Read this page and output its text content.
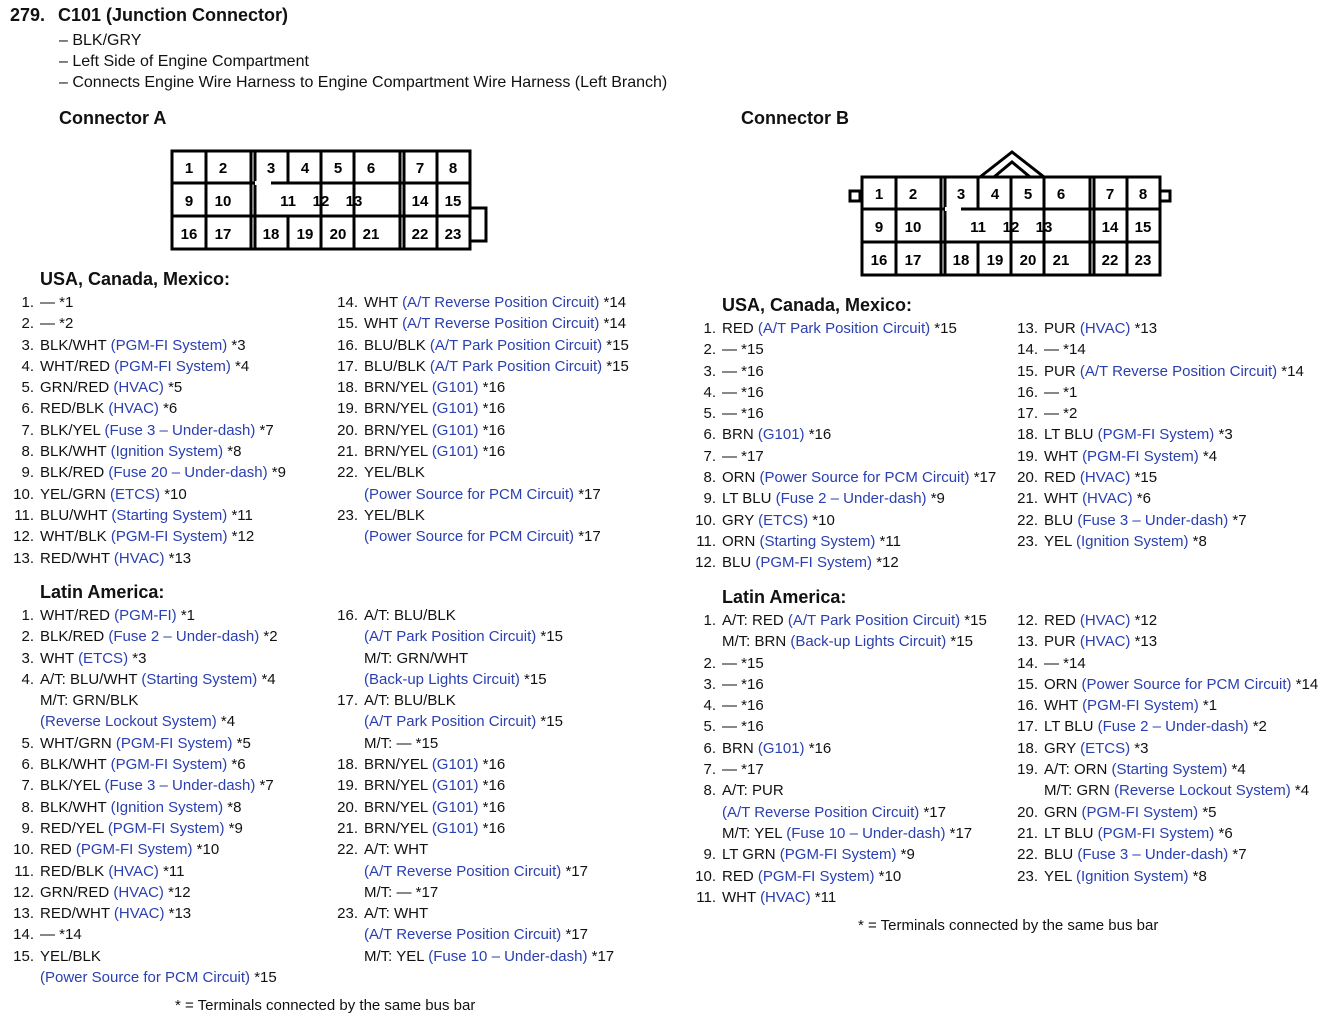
279. C101 (Junction Connector)
– BLK/GRY
– Left Side of Engine Compartment
– Connects Engine Wire Harness to Engine Compartment Wire Harness (Left Branch)
Connector A
1 2	3 4 5 6	7 8
9 10	11 12 13	14 15
16 17 18 19 20 21 22 23
USA, Canada, Mexico:
1. — *1
2. — *2
3. BLK/WHT (PGM-FI System) *3
4. WHT/RED (PGM-FI System) *4
5. GRN/RED (HVAC) *5
6. RED/BLK (HVAC) *6
7. BLK/YEL (Fuse 3 – Under-dash) *7
8. BLK/WHT (Ignition System) *8
9. BLK/RED (Fuse 20 – Under-dash) *9
10. YEL/GRN (ETCS) *10
11. BLU/WHT (Starting System) *11
12. WHT/BLK (PGM-FI System) *12
13. RED/WHT (HVAC) *13
14. WHT (A/T Reverse Position Circuit) *14
15. WHT (A/T Reverse Position Circuit) *14
16. BLU/BLK (A/T Park Position Circuit) *15
17. BLU/BLK (A/T Park Position Circuit) *15
18. BRN/YEL (G101) *16
19. BRN/YEL (G101) *16
20. BRN/YEL (G101) *16
21. BRN/YEL (G101) *16
22. YEL/BLK
(Power Source for PCM Circuit) *17
23. YEL/BLK
(Power Source for PCM Circuit) *17
Latin America:
1. WHT/RED (PGM-FI) *1
2. BLK/RED (Fuse 2 – Under-dash) *2
3. WHT (ETCS) *3
4. A/T: BLU/WHT (Starting System) *4
M/T: GRN/BLK
(Reverse Lockout System) *4
5. WHT/GRN (PGM-FI System) *5
6. BLK/WHT (PGM-FI System) *6
7. BLK/YEL (Fuse 3 – Under-dash) *7
8. BLK/WHT (Ignition System) *8
9. RED/YEL (PGM-FI System) *9
10. RED (PGM-FI System) *10
11. RED/BLK (HVAC) *11
12. GRN/RED (HVAC) *12
13. RED/WHT (HVAC) *13
14. — *14
15. YEL/BLK
(Power Source for PCM Circuit) *15
16. A/T: BLU/BLK
(A/T Park Position Circuit) *15
M/T: GRN/WHT
(Back-up Lights Circuit) *15
17. A/T: BLU/BLK
(A/T Park Position Circuit) *15
M/T: — *15
18. BRN/YEL (G101) *16
19. BRN/YEL (G101) *16
20. BRN/YEL (G101) *16
21. BRN/YEL (G101) *16
22. A/T: WHT
(A/T Reverse Position Circuit) *17
M/T: — *17
23. A/T: WHT
(A/T Reverse Position Circuit) *17
M/T: YEL (Fuse 10 – Under-dash) *17
* = Terminals connected by the same bus bar
Connector B
1 2	3 4 5 6	7 8
9 10	11 12 13	14 15
16 17 18 19 20 21 22 23
USA, Canada, Mexico:
1. RED (A/T Park Position Circuit) *15
2. — *15
3. — *16
4. — *16
5. — *16
6. BRN (G101) *16
7. — *17
8. ORN (Power Source for PCM Circuit) *17
9. LT BLU (Fuse 2 – Under-dash) *9
10. GRY (ETCS) *10
11. ORN (Starting System) *11
12. BLU (PGM-FI System) *12
13. PUR (HVAC) *13
14. — *14
15. PUR (A/T Reverse Position Circuit) *14
16. — *1
17. — *2
18. LT BLU (PGM-FI System) *3
19. WHT (PGM-FI System) *4
20. RED (HVAC) *15
21. WHT (HVAC) *6
22. BLU (Fuse 3 – Under-dash) *7
23. YEL (Ignition System) *8
Latin America:
1. A/T: RED (A/T Park Position Circuit) *15
M/T: BRN (Back-up Lights Circuit) *15
2. — *15
3. — *16
4. — *16
5. — *16
6. BRN (G101) *16
7. — *17
8. A/T: PUR
(A/T Reverse Position Circuit) *17
M/T: YEL (Fuse 10 – Under-dash) *17
9. LT GRN (PGM-FI System) *9
10. RED (PGM-FI System) *10
11. WHT (HVAC) *11
12. RED (HVAC) *12
13. PUR (HVAC) *13
14. — *14
15. ORN (Power Source for PCM Circuit) *14
16. WHT (PGM-FI System) *1
17. LT BLU (Fuse 2 – Under-dash) *2
18. GRY (ETCS) *3
19. A/T: ORN (Starting System) *4
M/T: GRN (Reverse Lockout System) *4
20. GRN (PGM-FI System) *5
21. LT BLU (PGM-FI System) *6
22. BLU (Fuse 3 – Under-dash) *7
23. YEL (Ignition System) *8
* = Terminals connected by the same bus bar
